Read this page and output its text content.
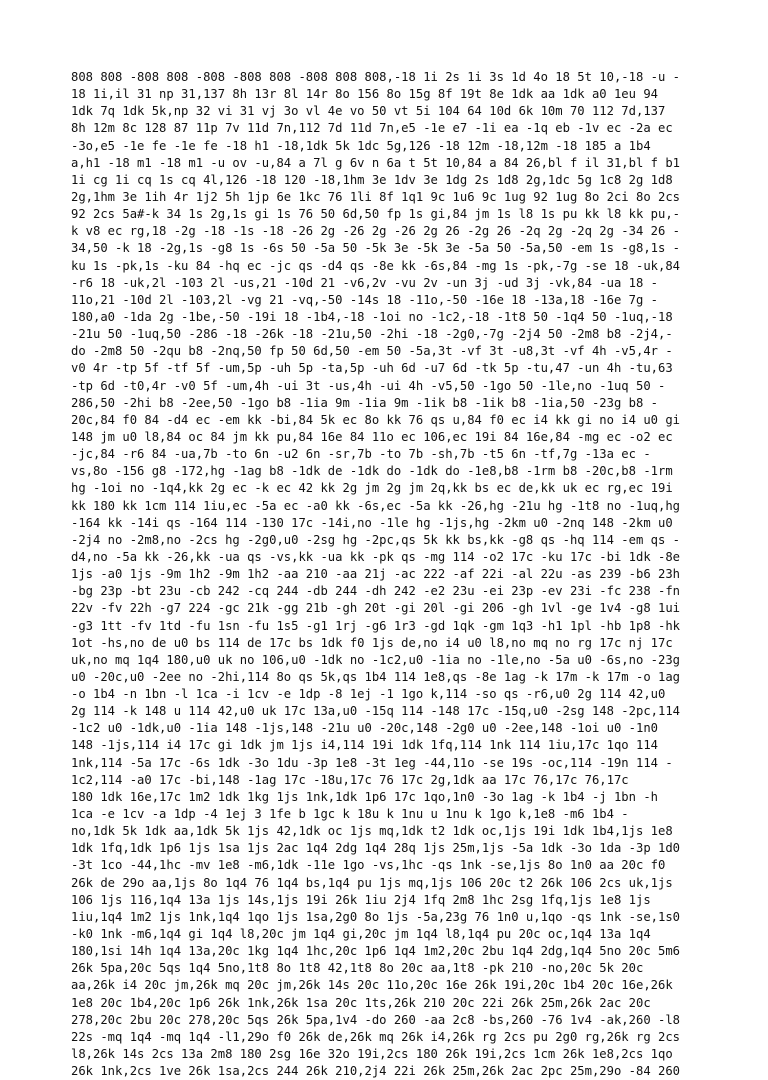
808 808 -808 808 -808 -808 808 -808 808 808,-18 1i 2s 1i 3s 1d 4o 18 5t 10,-18 -u -
18 1i,il 31 np 31,137 8h 13r 8l 14r 8o 156 8o 15g 8f 19t 8e 1dk aa 1dk a0 1eu 94
1dk 7q 1dk 5k,np 32 vi 31 vj 3o vl 4e vo 50 vt 5i 104 64 10d 6k 10m 70 112 7d,137
8h 12m 8c 128 87 11p 7v 11d 7n,112 7d 11d 7n,e5 -1e e7 -1i ea -1q eb -1v ec -2a ec
-3o,e5 -1e fe -1e fe -18 h1 -18,1dk 5k 1dc 5g,126 -18 12m -18,12m -18 185 a 1b4
a,h1 -18 m1 -18 m1 -u ov -u,84 a 7l g 6v n 6a t 5t 10,84 a 84 26,bl f il 31,bl f b1
1i cg 1i cq 1s cq 4l,126 -18 120 -18,1hm 3e 1dv 3e 1dg 2s 1d8 2g,1dc 5g 1c8 2g 1d8
2g,1hm 3e 1ih 4r 1j2 5h 1jp 6e 1kc 76 1li 8f 1q1 9c 1u6 9c 1ug 92 1ug 8o 2ci 8o 2cs
92 2cs 5a#-k 34 1s 2g,1s gi 1s 76 50 6d,50 fp 1s gi,84 jm 1s l8 1s pu kk l8 kk pu,-
k v8 ec rg,18 -2g -18 -1s -18 -26 2g -26 2g -26 2g 26 -2g 26 -2q 2g -2q 2g -34 26 -
34,50 -k 18 -2g,1s -g8 1s -6s 50 -5a 50 -5k 3e -5k 3e -5a 50 -5a,50 -em 1s -g8,1s -
ku 1s -pk,1s -ku 84 -hq ec -jc qs -d4 qs -8e kk -6s,84 -mg 1s -pk,-7g -se 18 -uk,84
-r6 18 -uk,2l -103 2l -us,21 -10d 21 -v6,2v -vu 2v -un 3j -ud 3j -vk,84 -ua 18 -
11o,21 -10d 2l -103,2l -vg 21 -vq,-50 -14s 18 -11o,-50 -16e 18 -13a,18 -16e 7g -
180,a0 -1da 2g -1be,-50 -19i 18 -1b4,-18 -1oi no -1c2,-18 -1t8 50 -1q4 50 -1uq,-18
-21u 50 -1uq,50 -286 -18 -26k -18 -21u,50 -2hi -18 -2g0,-7g -2j4 50 -2m8 b8 -2j4,-
do -2m8 50 -2qu b8 -2nq,50 fp 50 6d,50 -em 50 -5a,3t -vf 3t -u8,3t -vf 4h -v5,4r -
v0 4r -tp 5f -tf 5f -um,5p -uh 5p -ta,5p -uh 6d -u7 6d -tk 5p -tu,47 -un 4h -tu,63
-tp 6d -t0,4r -v0 5f -um,4h -ui 3t -us,4h -ui 4h -v5,50 -1go 50 -1le,no -1uq 50 -
286,50 -2hi b8 -2ee,50 -1go b8 -1ia 9m -1ia 9m -1ik b8 -1ik b8 -1ia,50 -23g b8 -
20c,84 f0 84 -d4 ec -em kk -bi,84 5k ec 8o kk 76 qs u,84 f0 ec i4 kk gi no i4 u0 gi
148 jm u0 l8,84 oc 84 jm kk pu,84 16e 84 11o ec 106,ec 19i 84 16e,84 -mg ec -o2 ec
-jc,84 -r6 84 -ua,7b -to 6n -u2 6n -sr,7b -to 7b -sh,7b -t5 6n -tf,7g -13a ec -
vs,8o -156 g8 -172,hg -1ag b8 -1dk de -1dk do -1dk do -1e8,b8 -1rm b8 -20c,b8 -1rm
hg -1oi no -1q4,kk 2g ec -k ec 42 kk 2g jm 2g jm 2q,kk bs ec de,kk uk ec rg,ec 19i
kk 180 kk 1cm 114 1iu,ec -5a ec -a0 kk -6s,ec -5a kk -26,hg -21u hg -1t8 no -1uq,hg
-164 kk -14i qs -164 114 -130 17c -14i,no -1le hg -1js,hg -2km u0 -2nq 148 -2km u0
-2j4 no -2m8,no -2cs hg -2g0,u0 -2sg hg -2pc,qs 5k kk bs,kk -g8 qs -hq 114 -em qs -
d4,no -5a kk -26,kk -ua qs -vs,kk -ua kk -pk qs -mg 114 -o2 17c -ku 17c -bi 1dk -8e
1js -a0 1js -9m 1h2 -9m 1h2 -aa 210 -aa 21j -ac 222 -af 22i -al 22u -as 239 -b6 23h
-bg 23p -bt 23u -cb 242 -cq 244 -db 244 -dh 242 -e2 23u -ei 23p -ev 23i -fc 238 -fn
22v -fv 22h -g7 224 -gc 21k -gg 21b -gh 20t -gi 20l -gi 206 -gh 1vl -ge 1v4 -g8 1ui
-g3 1tt -fv 1td -fu 1sn -fu 1s5 -g1 1rj -g6 1r3 -gd 1qk -gm 1q3 -h1 1pl -hb 1p8 -hk
1ot -hs,no de u0 bs 114 de 17c bs 1dk f0 1js de,no i4 u0 l8,no mq no rg 17c nj 17c
uk,no mq 1q4 180,u0 uk no 106,u0 -1dk no -1c2,u0 -1ia no -1le,no -5a u0 -6s,no -23g
u0 -20c,u0 -2ee no -2hi,114 8o qs 5k,qs 1b4 114 1e8,qs -8e 1ag -k 17m -k 17m -o 1ag
-o 1b4 -n 1bn -l 1ca -i 1cv -e 1dp -8 1ej -1 1go k,114 -so qs -r6,u0 2g 114 42,u0
2g 114 -k 148 u 114 42,u0 uk 17c 13a,u0 -15q 114 -148 17c -15q,u0 -2sg 148 -2pc,114
-1c2 u0 -1dk,u0 -1ia 148 -1js,148 -21u u0 -20c,148 -2g0 u0 -2ee,148 -1oi u0 -1n0
148 -1js,114 i4 17c gi 1dk jm 1js i4,114 19i 1dk 1fq,114 1nk 114 1iu,17c 1qo 114
1nk,114 -5a 17c -6s 1dk -3o 1du -3p 1e8 -3t 1eg -44,11o -se 19s -oc,114 -19n 114 -
1c2,114 -a0 17c -bi,148 -1ag 17c -18u,17c 76 17c 2g,1dk aa 17c 76,17c 76,17c
180 1dk 16e,17c 1m2 1dk 1kg 1js 1nk,1dk 1p6 17c 1qo,1n0 -3o 1ag -k 1b4 -j 1bn -h
1ca -e 1cv -a 1dp -4 1ej 3 1fe b 1gc k 18u k 1nu u 1nu k 1go k,1e8 -m6 1b4 -
no,1dk 5k 1dk aa,1dk 5k 1js 42,1dk oc 1js mq,1dk t2 1dk oc,1js 19i 1dk 1b4,1js 1e8
1dk 1fq,1dk 1p6 1js 1sa 1js 2ac 1q4 2dg 1q4 28q 1js 25m,1js -5a 1dk -3o 1da -3p 1d0
-3t 1co -44,1hc -mv 1e8 -m6,1dk -11e 1go -vs,1hc -qs 1nk -se,1js 8o 1n0 aa 20c f0
26k de 29o aa,1js 8o 1q4 76 1q4 bs,1q4 pu 1js mq,1js 106 20c t2 26k 106 2cs uk,1js
106 1js 116,1q4 13a 1js 14s,1js 19i 26k 1iu 2j4 1fq 2m8 1hc 2sg 1fq,1js 1e8 1js
1iu,1q4 1m2 1js 1nk,1q4 1qo 1js 1sa,2g0 8o 1js -5a,23g 76 1n0 u,1qo -qs 1nk -se,1s0
-k0 1nk -m6,1q4 gi 1q4 l8,20c jm 1q4 gi,20c jm 1q4 l8,1q4 pu 20c oc,1q4 13a 1q4
180,1si 14h 1q4 13a,20c 1kg 1q4 1hc,20c 1p6 1q4 1m2,20c 2bu 1q4 2dg,1q4 5no 20c 5m6
26k 5pa,20c 5qs 1q4 5no,1t8 8o 1t8 42,1t8 8o 20c aa,1t8 -pk 210 -no,20c 5k 20c
aa,26k i4 20c jm,26k mq 20c jm,26k 14s 20c 11o,20c 16e 26k 19i,20c 1b4 20c 16e,26k
1e8 20c 1b4,20c 1p6 26k 1nk,26k 1sa 20c 1ts,26k 210 20c 22i 26k 25m,26k 2ac 20c
278,20c 2bu 20c 278,20c 5qs 26k 5pa,1v4 -do 260 -aa 2c8 -bs,260 -76 1v4 -ak,260 -l8
22s -mq 1q4 -mq 1q4 -l1,29o f0 26k de,26k mq 26k i4,26k rg 2cs pu 2g0 rg,26k rg 2cs
l8,26k 14s 2cs 13a 2m8 180 2sg 16e 32o 19i,2cs 180 26k 19i,2cs 1cm 26k 1e8,2cs 1qo
26k 1nk,2cs 1ve 26k 1sa,2cs 244 26k 210,2j4 22i 26k 25m,26k 2ac 2pc 25m,29o -84 260
